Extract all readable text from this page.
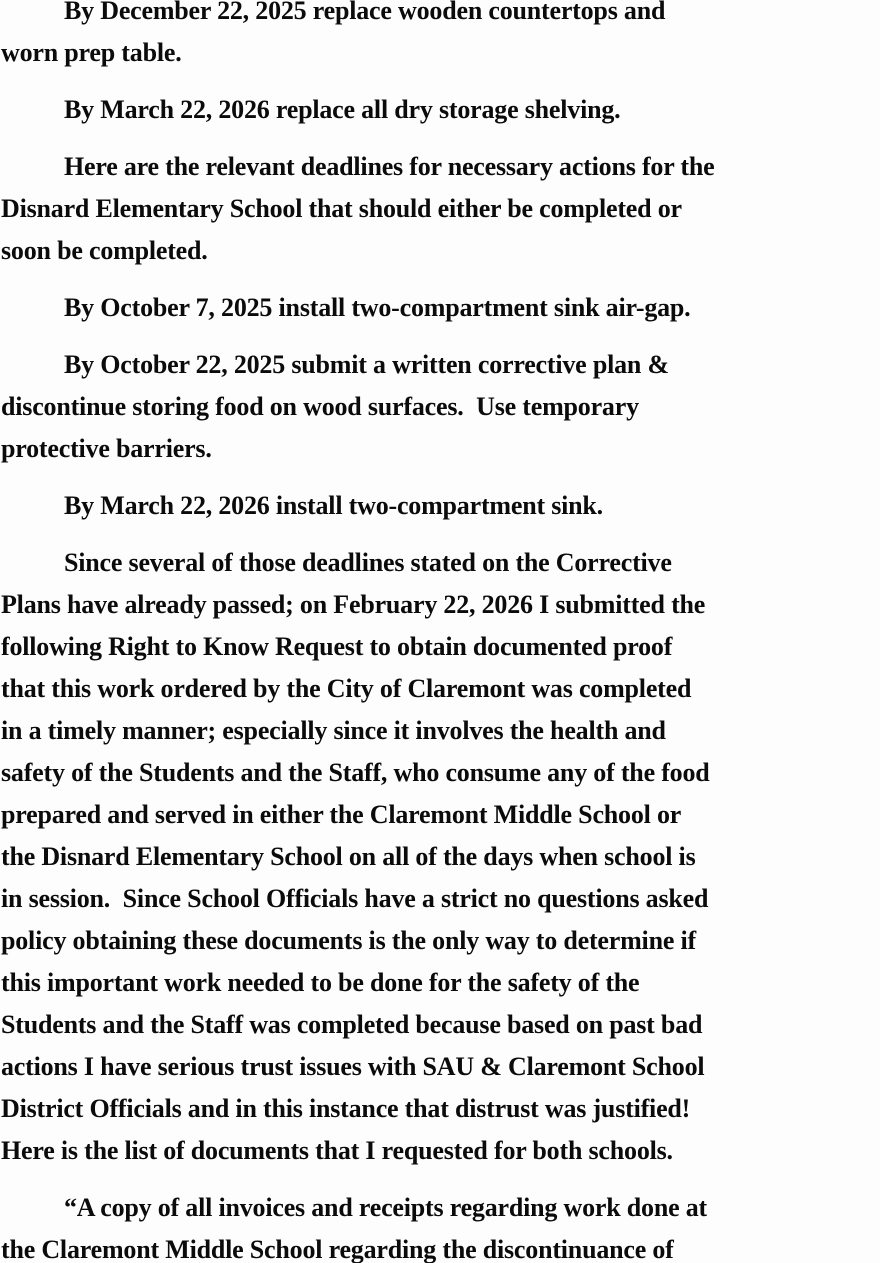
By December 22, 2025 replace wooden countertops and
worn prep table.
By March 22, 2026 replace all dry storage shelving.
Here are the relevant deadlines for necessary actions for the
Disnard Elementary School that should either be completed or
soon be completed.
By October 7, 2025 install two-compartment sink air-gap.
By October 22, 2025 submit a written corrective plan &
discontinue storing food on wood surfaces.  Use temporary
protective barriers.
By March 22, 2026 install two-compartment sink.
Since several of those deadlines stated on the Corrective
Plans have already passed; on February 22, 2026 I submitted the
following Right to Know Request to obtain documented proof
that this work ordered by the City of Claremont was completed
in a timely manner; especially since it involves the health and
safety of the Students and the Staff, who consume any of the food
prepared and served in either the Claremont Middle School or
the Disnard Elementary School on all of the days when school is
in session.  Since School Officials have a strict no questions asked
policy obtaining these documents is the only way to determine if
this important work needed to be done for the safety of the
Students and the Staff was completed because based on past bad
actions I have serious trust issues with SAU & Claremont School
District Officials and in this instance that distrust was justified!
Here is the list of documents that I requested for both schools.
“A copy of all invoices and receipts regarding work done at
the Claremont Middle School regarding the discontinuance of
